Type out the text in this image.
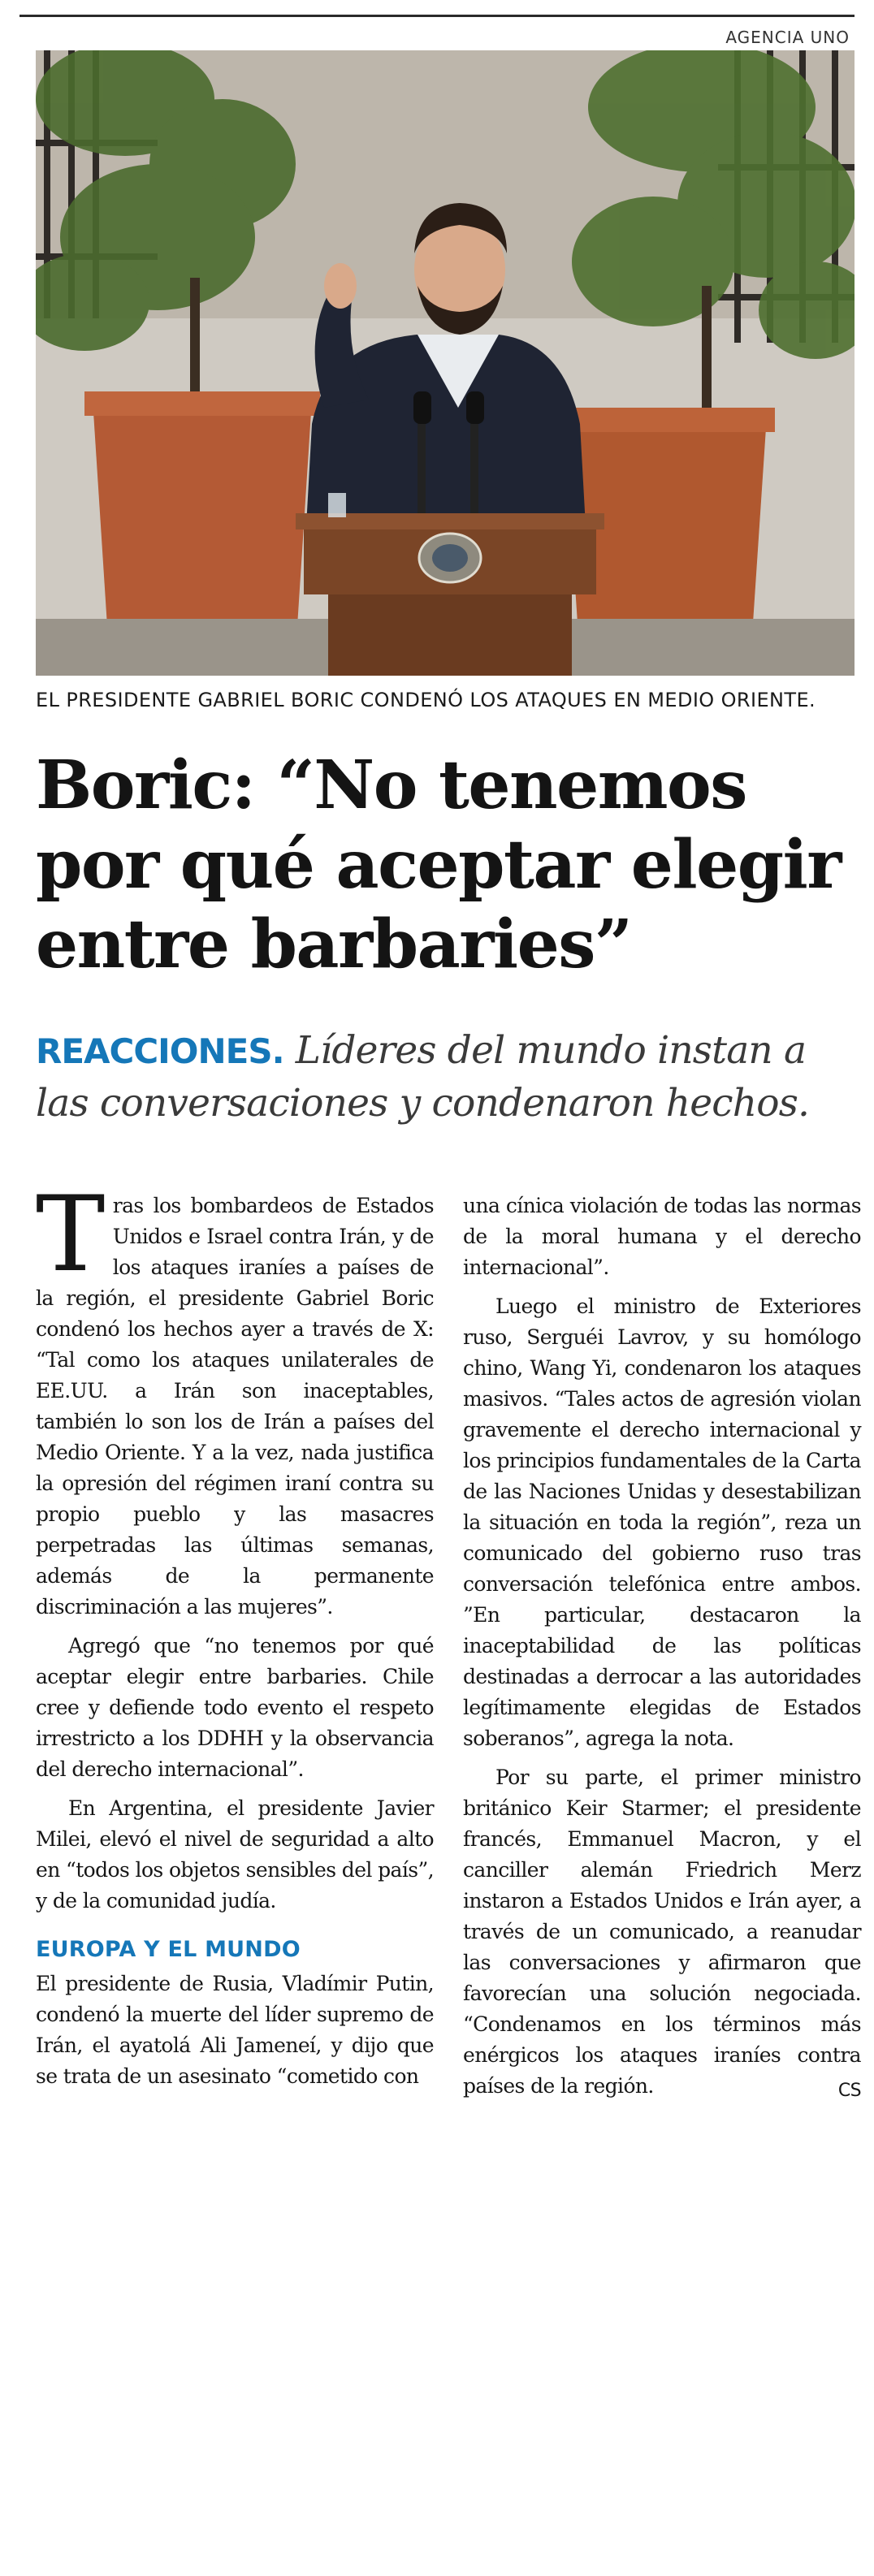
AGENCIA UNO
EL PRESIDENTE GABRIEL BORIC CONDENÓ LOS ATAQUES EN MEDIO ORIENTE.
Boric: “No tenemos por qué aceptar elegir entre barbaries”
REACCIONES. Líderes del mundo instan a las conversaciones y condenaron hechos.

Tras los bombardeos de Estados Unidos e Israel contra Irán, y de los ataques iraníes a países de la región, el presidente Gabriel Boric condenó los hechos ayer a través de X: “Tal como los ataques unilaterales de EE.UU. a Irán son inaceptables, también lo son los de Irán a países del Medio Oriente. Y a la vez, nada justifica la opresión del régimen iraní contra su propio pueblo y las masacres perpetradas las últimas semanas, además de la permanente discriminación a las mujeres”.

Agregó que “no tenemos por qué aceptar elegir entre barbaries. Chile cree y defiende todo evento el respeto irrestricto a los DDHH y la observancia del derecho internacional”.

En Argentina, el presidente Javier Milei, elevó el nivel de seguridad a alto en “todos los objetos sensibles del país”, y de la comunidad judía.

EUROPA Y EL MUNDO

El presidente de Rusia, Vladímir Putin, condenó la muerte del líder supremo de Irán, el ayatolá Ali Jameneí, y dijo que se trata de un asesinato “cometido con

una cínica violación de todas las normas de la moral humana y el derecho internacional”.

Luego el ministro de Exteriores ruso, Serguéi Lavrov, y su homólogo chino, Wang Yi, condenaron los ataques masivos. “Tales actos de agresión violan gravemente el derecho internacional y los principios fundamentales de la Carta de las Naciones Unidas y desestabilizan la situación en toda la región”, reza un comunicado del gobierno ruso tras conversación telefónica entre ambos. ”En particular, destacaron la inaceptabilidad de las políticas destinadas a derrocar a las autoridades legítimamente elegidas de Estados soberanos”, agrega la nota.

Por su parte, el primer ministro británico Keir Starmer; el presidente francés, Emmanuel Macron, y el canciller alemán Friedrich Merz instaron a Estados Unidos e Irán ayer, a través de un comunicado, a reanudar las conversaciones y afirmaron que favorecían una solución negociada. “Condenamos en los términos más enérgicos los ataques iraníes contra países de la región.	CS
